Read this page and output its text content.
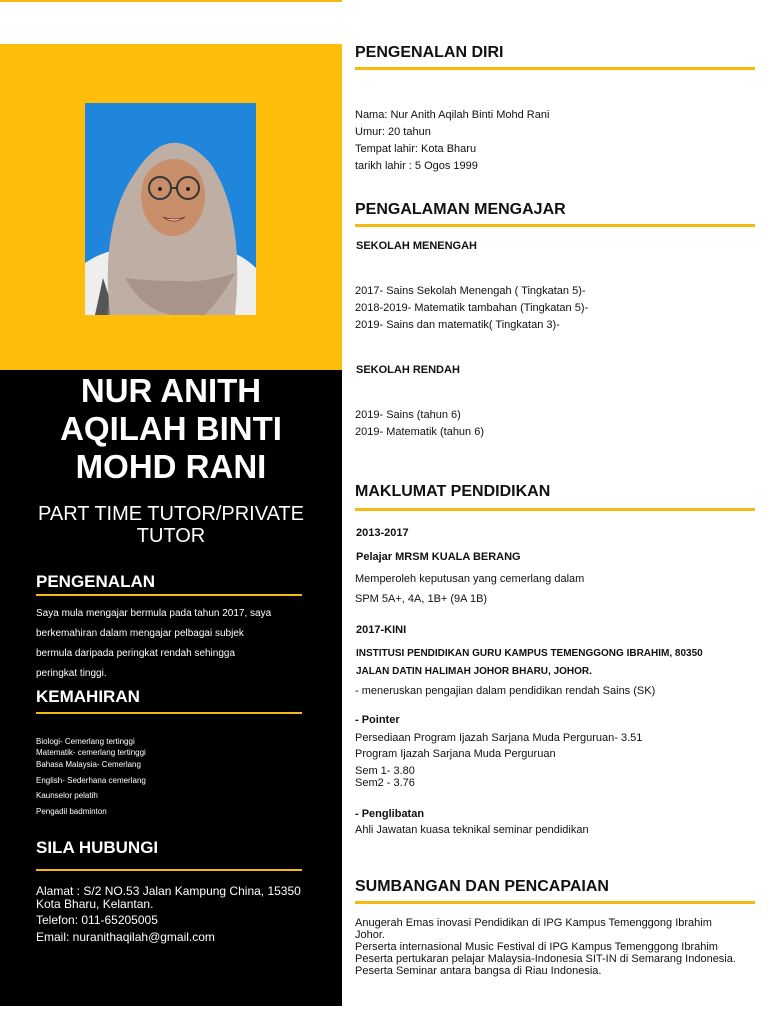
NUR ANITH
AQILAH BINTI
MOHD RANI
PART TIME TUTOR/PRIVATE
TUTOR
PENGENALAN
Saya mula mengajar bermula pada tahun 2017, saya
berkemahiran dalam mengajar pelbagai subjek
bermula daripada peringkat rendah sehingga
peringkat tinggi.
KEMAHIRAN
Biologi- Cemerlang tertinggi
Matematik- cemerlang tertinggi
Bahasa Malaysia- Cemerlang
English- Sederhana cemerlang
Kaunselor pelatih
Pengadil badminton
SILA HUBUNGI
Alamat : S/2 NO.53 Jalan Kampung China, 15350
Kota Bharu, Kelantan.
Telefon: 011-65205005
Email: nuranithaqilah@gmail.com
PENGENALAN DIRI
Nama: Nur Anith Aqilah Binti Mohd Rani
Umur: 20 tahun
Tempat lahir: Kota Bharu
tarikh lahir : 5 Ogos 1999
PENGALAMAN MENGAJAR
SEKOLAH MENENGAH
2017- Sains Sekolah Menengah ( Tingkatan 5)-
2018-2019- Matematik tambahan (Tingkatan 5)-
2019- Sains dan matematik( Tingkatan 3)-
SEKOLAH RENDAH
2019- Sains (tahun 6)
2019- Matematik (tahun 6)
MAKLUMAT PENDIDIKAN
2013-2017
Pelajar MRSM KUALA BERANG
Memperoleh keputusan yang cemerlang dalam
SPM 5A+, 4A, 1B+ (9A 1B)
2017-KINI
INSTITUSI PENDIDIKAN GURU KAMPUS TEMENGGONG IBRAHIM, 80350
JALAN DATIN HALIMAH JOHOR BHARU, JOHOR.
- meneruskan pengajian dalam pendidikan rendah Sains (SK)
- Pointer
Persediaan Program Ijazah Sarjana Muda Perguruan- 3.51
Program Ijazah Sarjana Muda Perguruan
Sem 1- 3.80
Sem2 - 3.76
- Penglibatan
Ahli Jawatan kuasa teknikal seminar pendidikan
SUMBANGAN DAN PENCAPAIAN
Anugerah Emas inovasi Pendidikan di IPG Kampus Temenggong Ibrahim
Johor.
Perserta internasional Music Festival di IPG Kampus Temenggong Ibrahim
Peserta pertukaran pelajar Malaysia-Indonesia SIT-IN di Semarang Indonesia.
Peserta Seminar antara bangsa di Riau Indonesia.
